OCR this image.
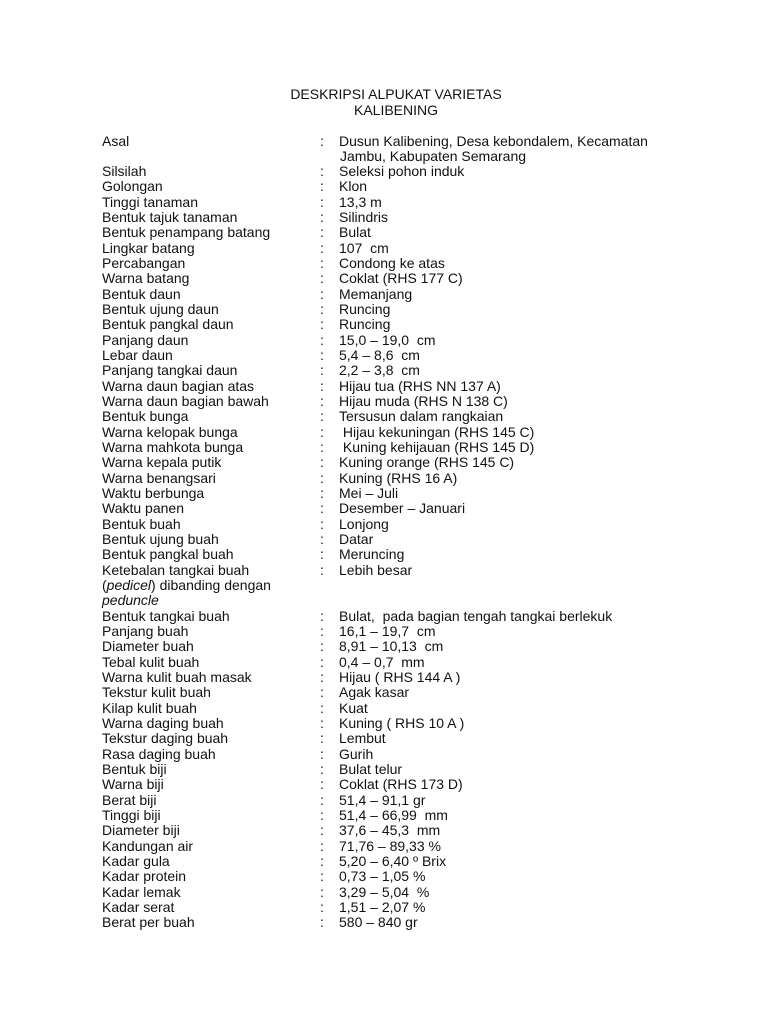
DESKRIPSI ALPUKAT VARIETAS
KALIBENING
Asal	: Dusun Kalibening, Desa kebondalem, Kecamatan
Jambu, Kabupaten Semarang
Silsilah	: Seleksi pohon induk
Golongan	: Klon
Tinggi tanaman	: 13,3 m
Bentuk tajuk tanaman	: Silindris
Bentuk penampang batang	: Bulat
Lingkar batang	: 107  cm
Percabangan	: Condong ke atas
Warna batang	: Coklat (RHS 177 C)
Bentuk daun	: Memanjang
Bentuk ujung daun	: Runcing
Bentuk pangkal daun	: Runcing
Panjang daun	: 15,0 – 19,0  cm
Lebar daun	: 5,4 – 8,6  cm
Panjang tangkai daun	: 2,2 – 3,8  cm
Warna daun bagian atas	: Hijau tua (RHS NN 137 A)
Warna daun bagian bawah	: Hijau muda (RHS N 138 C)
Bentuk bunga	: Tersusun dalam rangkaian
Warna kelopak bunga	: Hijau kekuningan (RHS 145 C)
Warna mahkota bunga	: Kuning kehijauan (RHS 145 D)
Warna kepala putik	: Kuning orange (RHS 145 C)
Warna benangsari	: Kuning (RHS 16 A)
Waktu berbunga	: Mei – Juli
Waktu panen	: Desember – Januari
Bentuk buah	: Lonjong
Bentuk ujung buah	: Datar
Bentuk pangkal buah	: Meruncing
Ketebalan tangkai buah	: Lebih besar
(pedicel) dibanding dengan
peduncle
Bentuk tangkai buah	: Bulat,  pada bagian tengah tangkai berlekuk
Panjang buah	: 16,1 – 19,7  cm
Diameter buah	: 8,91 – 10,13  cm
Tebal kulit buah	: 0,4 – 0,7  mm
Warna kulit buah masak	: Hijau ( RHS 144 A )
Tekstur kulit buah	: Agak kasar
Kilap kulit buah	: Kuat
Warna daging buah	: Kuning ( RHS 10 A )
Tekstur daging buah	: Lembut
Rasa daging buah	: Gurih
Bentuk biji	: Bulat telur
Warna biji	: Coklat (RHS 173 D)
Berat biji	: 51,4 – 91,1 gr
Tinggi biji	: 51,4 – 66,99  mm
Diameter biji	: 37,6 – 45,3  mm
Kandungan air	: 71,76 – 89,33 %
Kadar gula	: 5,20 – 6,40 º Brix
Kadar protein	: 0,73 – 1,05 %
Kadar lemak	: 3,29 – 5,04  %
Kadar serat	: 1,51 – 2,07 %
Berat per buah	: 580 – 840 gr
